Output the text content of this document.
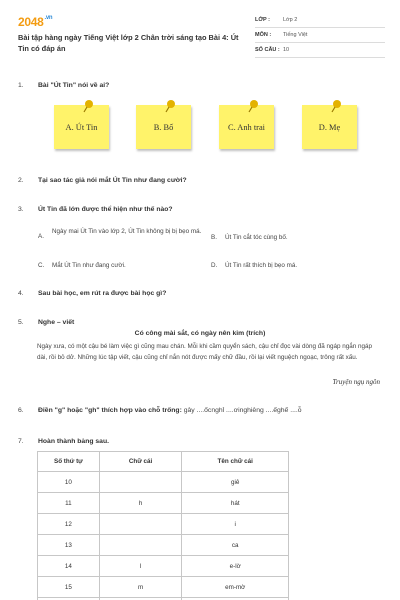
$2048^{.vn}$
Bài tập hàng ngày Tiếng Việt lớp 2 Chân trời sáng tạo Bài 4: Út Tin có đáp án
LỚP :	Lớp 2
MÔN :	Tiếng Việt
SỐ CÂU : 10
1. Bài "Út Tin" nói về ai?
A. Út Tin	B. Bố	C. Anh trai	D. Mẹ
2. Tại sao tác giả nói mắt Út Tin như đang cười?
3. Út Tin đã lớn được thể hiện như thế nào?
A.
Ngày mai Út Tin vào lớp 2, Út Tin không bị bị bẹo má.
B. Út Tin cắt tóc cùng bố.
C. Mắt Út Tin như đang cười.	D. Út Tin rất thích bị bẹo má.
4. Sau bài học, em rút ra được bài học gì?
5. Nghe – viết
Có công mài sắt, có ngày nên kim (trích)
Ngày xưa, có một cậu bé làm việc gì cũng mau chán. Mỗi khi cầm quyển sách, cậu chỉ đọc vài dòng đã ngáp ngắn ngáp dài, rồi bỏ dở. Những lúc tập viết, cậu cũng chỉ nắn nót được mấy chữ đầu, rồi lại viết nguệch ngoạc, trông rất xấu.
Truyện ngụ ngôn
6. Điền "g" hoặc "gh" thích hợp vào chỗ trống: gây ....ốcnghỉ ....ơinghiêng ....ếghế ....ỗ
7. Hoàn thành bảng sau.
Số thứ tự	Chữ cái	Tên chữ cái
10		giê
11	h	hát
12		i
13		ca
14	l	e-lờ
15	m	em-mờ
